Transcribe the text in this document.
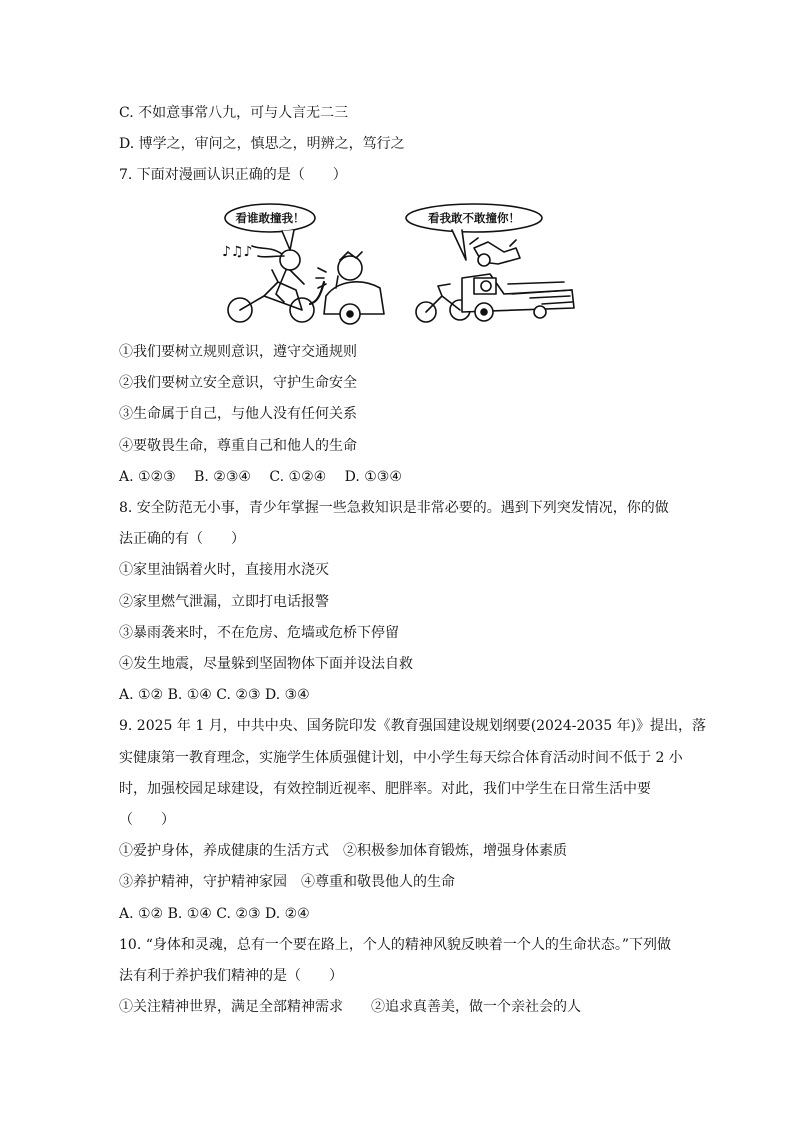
C. 不如意事常八九，可与人言无二三
D. 博学之，审问之，慎思之，明辨之，笃行之
7. 下面对漫画认识正确的是（　　）
♪♫♪
看谁敢撞我！	看我敢不敢撞你！
①我们要树立规则意识，遵守交通规则
②我们要树立安全意识，守护生命安全
③生命属于自己，与他人没有任何关系
④要敬畏生命，尊重自己和他人的生命
A. ①②③　 B. ②③④　 C. ①②④　 D. ①③④
8. 安全防范无小事，青少年掌握一些急救知识是非常必要的。遇到下列突发情况，你的做
法正确的有（　　）
①家里油锅着火时，直接用水浇灭
②家里燃气泄漏，立即打电话报警
③暴雨袭来时，不在危房、危墙或危桥下停留
④发生地震，尽量躲到坚固物体下面并设法自救
A. ①② B. ①④ C. ②③ D. ③④
9. 2025 年 1 月，中共中央、国务院印发《教育强国建设规划纲要(2024-2035 年)》提出，落
实健康第一教育理念，实施学生体质强健计划，中小学生每天综合体育活动时间不低于 2 小
时，加强校园足球建设，有效控制近视率、肥胖率。对此，我们中学生在日常生活中要
（　　）
①爱护身体，养成健康的生活方式　②积极参加体育锻炼，增强身体素质
③养护精神，守护精神家园　④尊重和敬畏他人的生命
A. ①② B. ①④ C. ②③ D. ②④
10. “身体和灵魂，总有一个要在路上，个人的精神风貌反映着一个人的生命状态。”下列做
法有利于养护我们精神的是（　　）
①关注精神世界，满足全部精神需求　　②追求真善美，做一个亲社会的人
